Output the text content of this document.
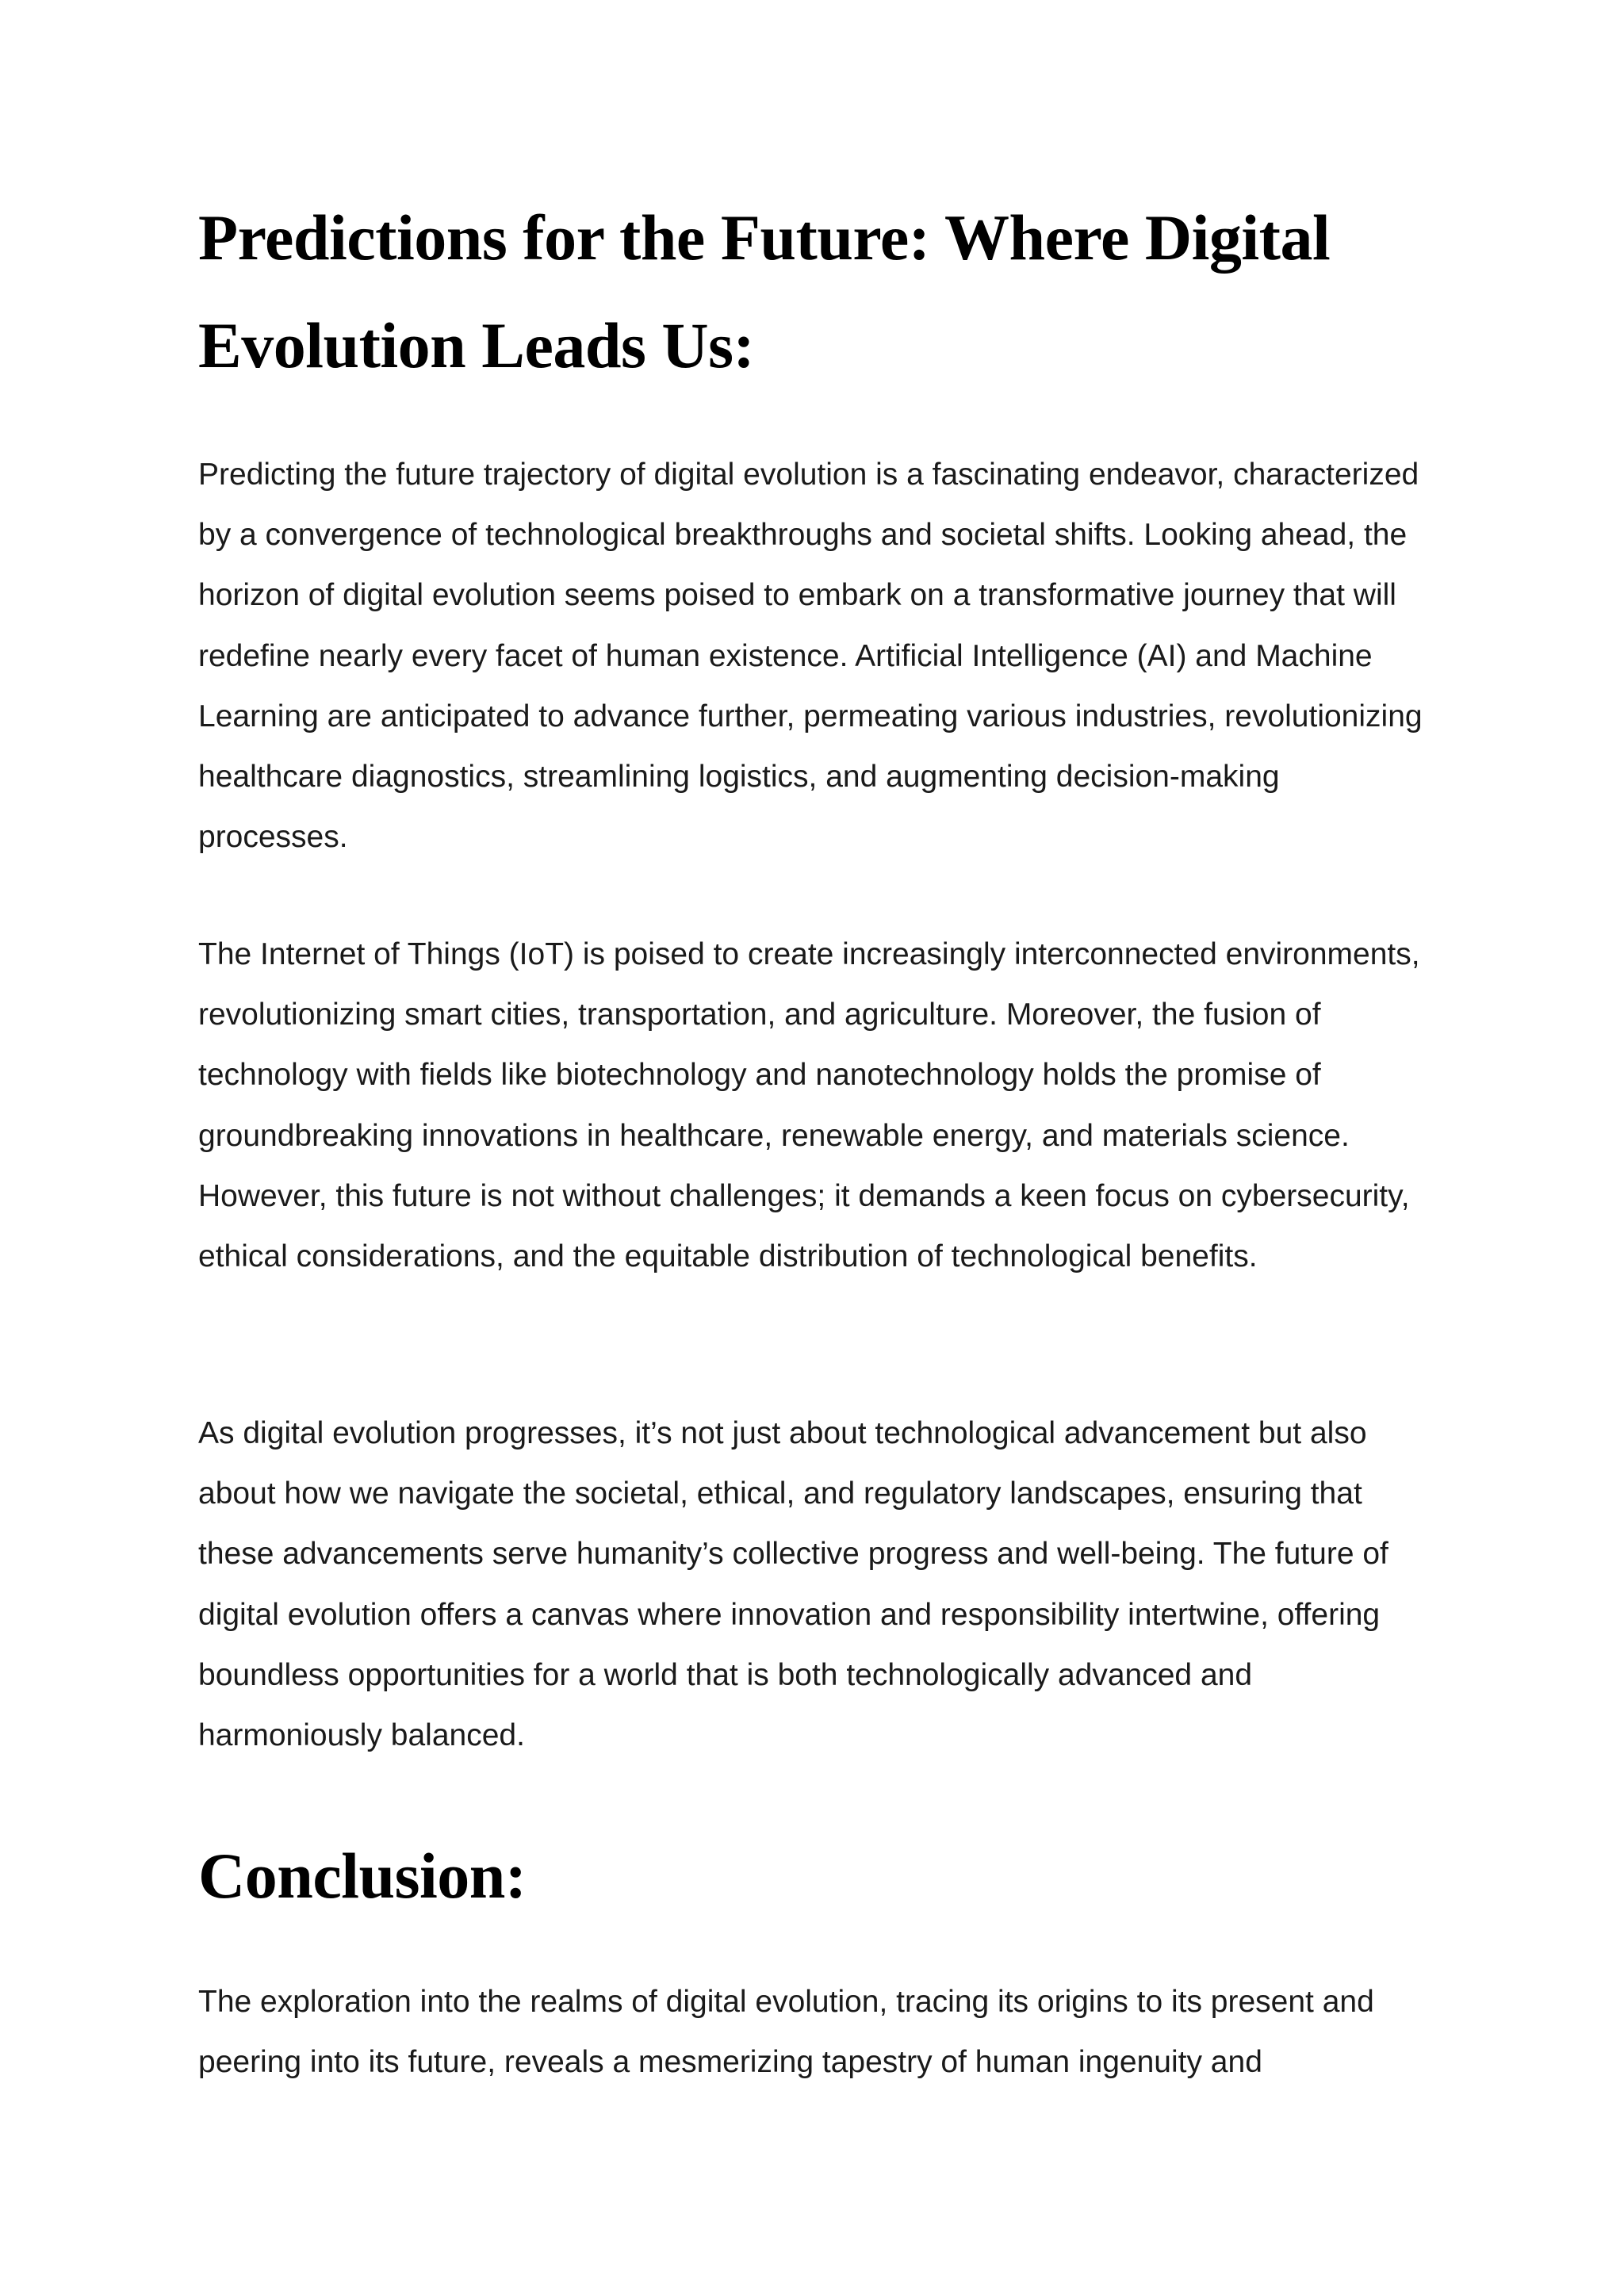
Predictions for the Future: Where Digital Evolution Leads Us:

Predicting the future trajectory of digital evolution is a fascinating endeavor, characterized by a convergence of technological breakthroughs and societal shifts. Looking ahead, the horizon of digital evolution seems poised to embark on a transformative journey that will redefine nearly every facet of human existence. Artificial Intelligence (AI) and Machine Learning are anticipated to advance further, permeating various industries, revolutionizing healthcare diagnostics, streamlining logistics, and augmenting decision-making processes.

The Internet of Things (IoT) is poised to create increasingly interconnected environments, revolutionizing smart cities, transportation, and agriculture. Moreover, the fusion of technology with fields like biotechnology and nanotechnology holds the promise of groundbreaking innovations in healthcare, renewable energy, and materials science. However, this future is not without challenges; it demands a keen focus on cybersecurity, ethical considerations, and the equitable distribution of technological benefits.

As digital evolution progresses, it’s not just about technological advancement but also about how we navigate the societal, ethical, and regulatory landscapes, ensuring that these advancements serve humanity’s collective progress and well-being. The future of digital evolution offers a canvas where innovation and responsibility intertwine, offering boundless opportunities for a world that is both technologically advanced and harmoniously balanced.

Conclusion:

The exploration into the realms of digital evolution, tracing its origins to its present and peering into its future, reveals a mesmerizing tapestry of human ingenuity and
